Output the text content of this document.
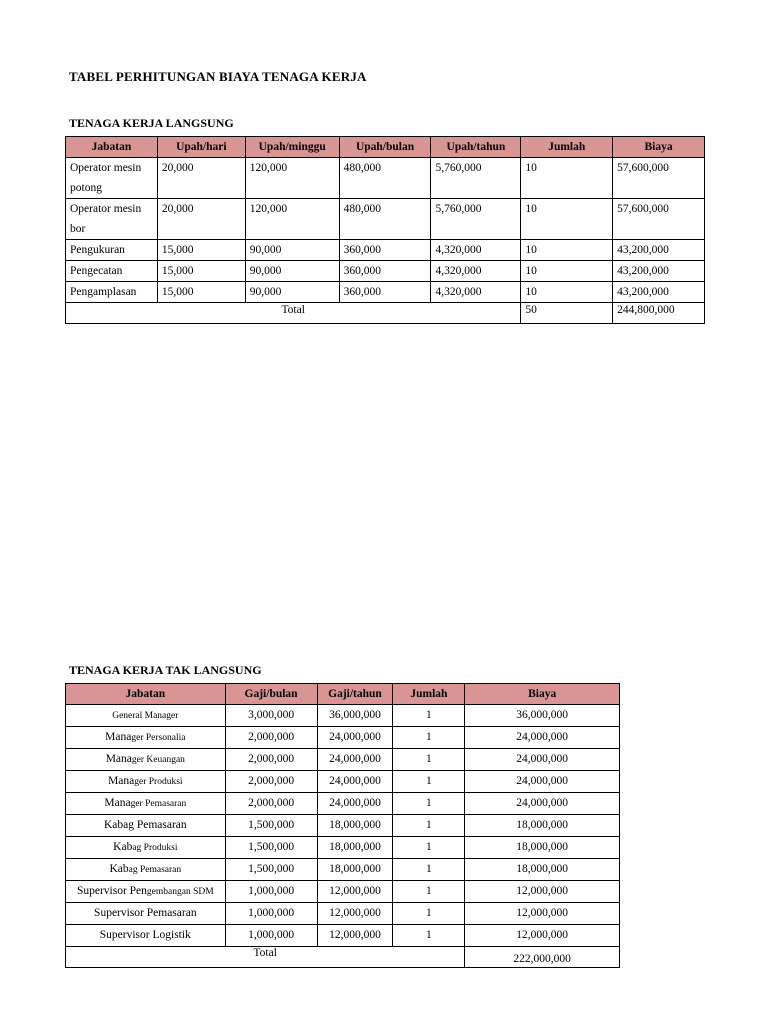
TABEL PERHITUNGAN BIAYA TENAGA KERJA
TENAGA KERJA LANGSUNG
Jabatan	Upah/hari	Upah/minggu	Upah/bulan	Upah/tahun	Jumlah	Biaya
Operator mesin potong	20,000	120,000	480,000	5,760,000	10	57,600,000
Operator mesin bor	20,000	120,000	480,000	5,760,000	10	57,600,000
Pengukuran	15,000	90,000	360,000	4,320,000	10	43,200,000
Pengecatan	15,000	90,000	360,000	4,320,000	10	43,200,000
Pengamplasan	15,000	90,000	360,000	4,320,000	10	43,200,000
Total					50	244,800,000
TENAGA KERJA TAK LANGSUNG
Jabatan	Gaji/bulan	Gaji/tahun	Jumlah	Biaya
General Manager	3,000,000	36,000,000	1	36,000,000
Manager Personalia	2,000,000	24,000,000	1	24,000,000
Manager Keuangan	2,000,000	24,000,000	1	24,000,000
Manager Produksi	2,000,000	24,000,000	1	24,000,000
Manager Pemasaran	2,000,000	24,000,000	1	24,000,000
Kabag Pemasaran	1,500,000	18,000,000	1	18,000,000
Kabag Produksi	1,500,000	18,000,000	1	18,000,000
Kabag Pemasaran	1,500,000	18,000,000	1	18,000,000
Supervisor Pengembangan SDM	1,000,000	12,000,000	1	12,000,000
Supervisor Pemasaran	1,000,000	12,000,000	1	12,000,000
Supervisor Logistik	1,000,000	12,000,000	1	12,000,000
Total				222,000,000
